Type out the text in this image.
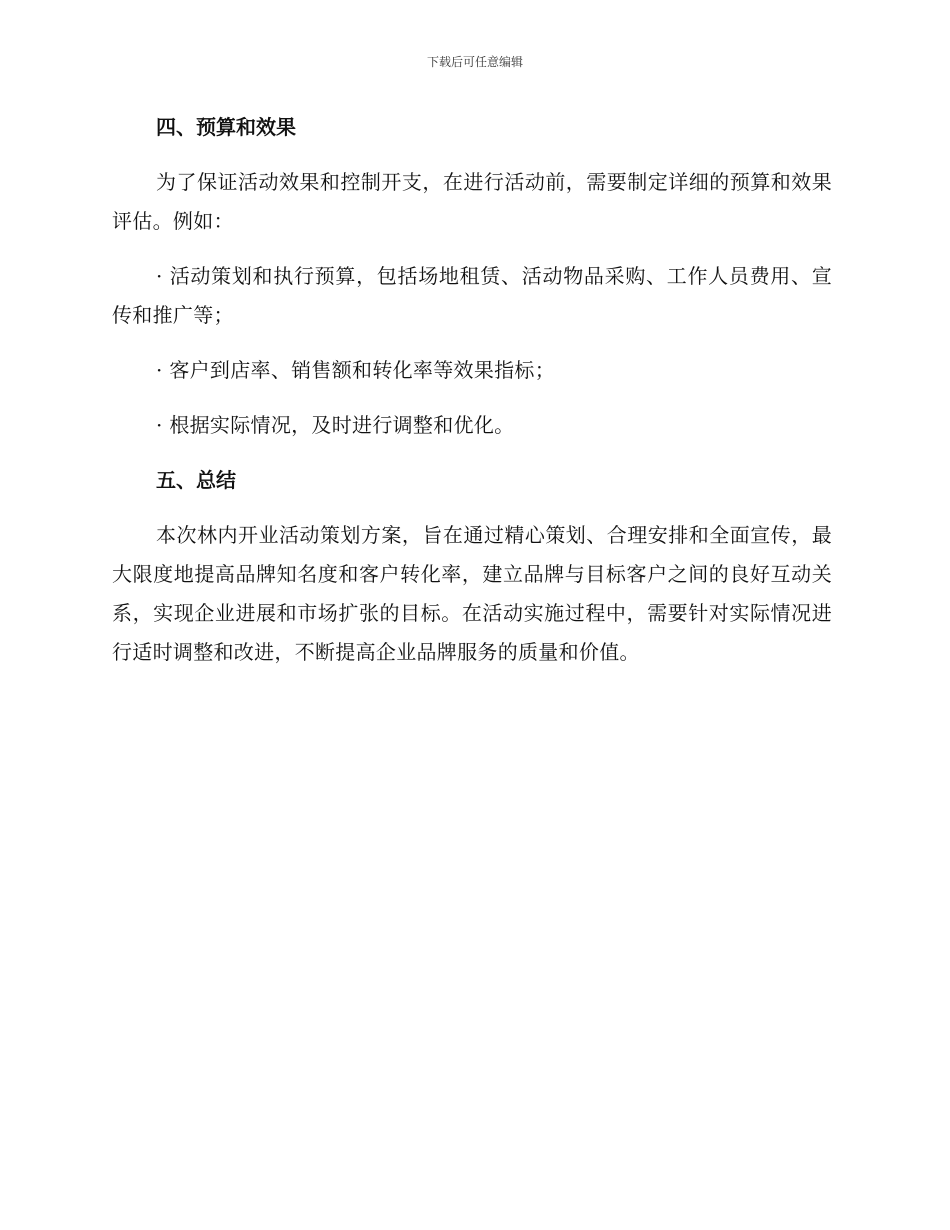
下载后可任意编辑
四、预算和效果

为了保证活动效果和控制开支，在进行活动前，需要制定详细的预算和效果评估。例如：

· 活动策划和执行预算，包括场地租赁、活动物品采购、工作人员费用、宣传和推广等；

· 客户到店率、销售额和转化率等效果指标；

· 根据实际情况，及时进行调整和优化。

五、总结

本次林内开业活动策划方案，旨在通过精心策划、合理安排和全面宣传，最大限度地提高品牌知名度和客户转化率，建立品牌与目标客户之间的良好互动关系，实现企业进展和市场扩张的目标。在活动实施过程中，需要针对实际情况进行适时调整和改进，不断提高企业品牌服务的质量和价值。
